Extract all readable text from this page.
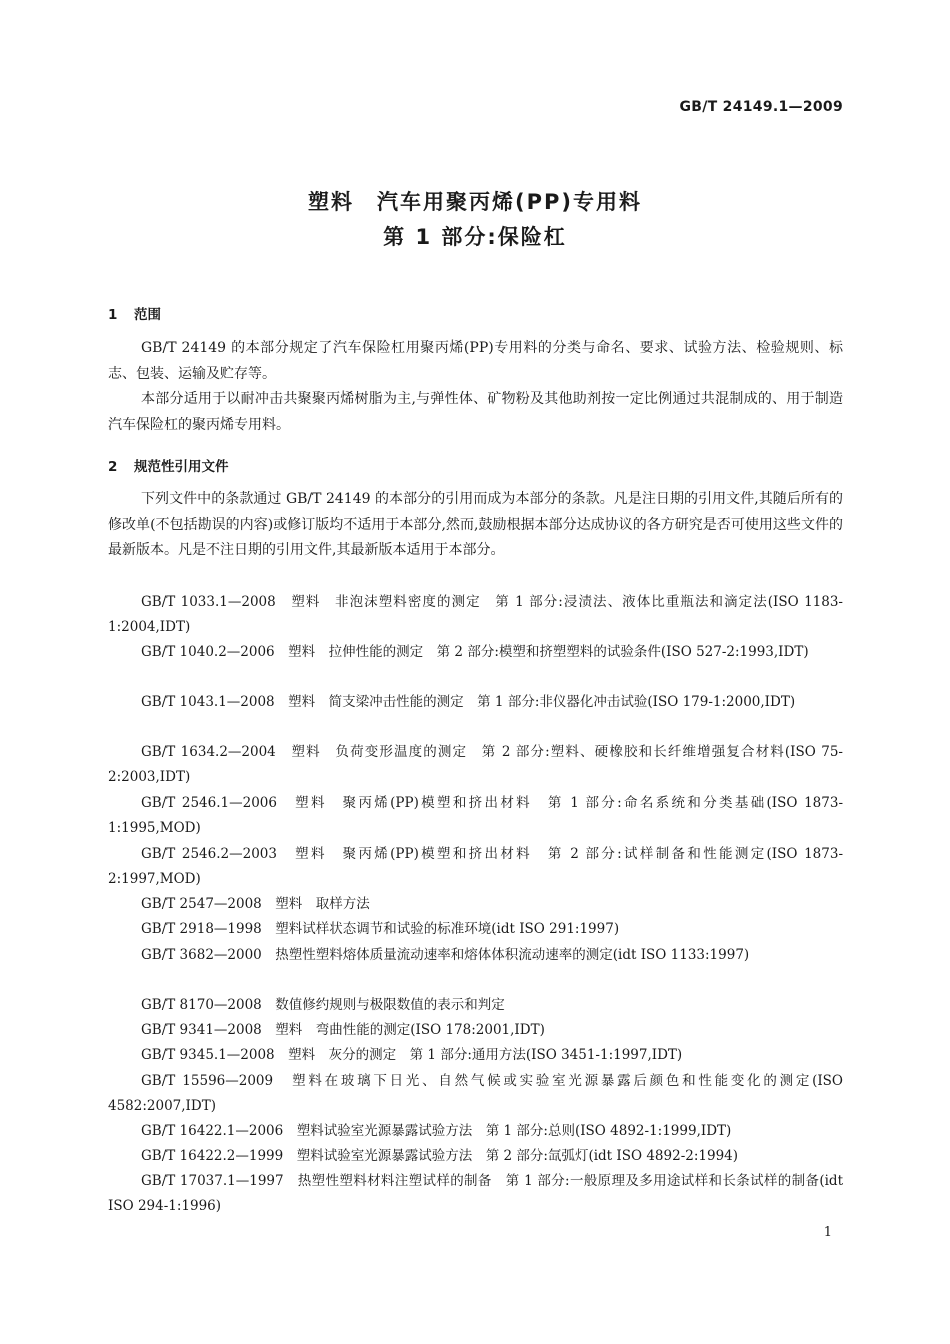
GB/T 24149.1—2009
塑料　汽车用聚丙烯(PP)专用料
第 1 部分:保险杠
1 范围
GB/T 24149 的本部分规定了汽车保险杠用聚丙烯(PP)专用料的分类与命名、要求、试验方法、检验规则、标志、包装、运输及贮存等。
本部分适用于以耐冲击共聚聚丙烯树脂为主,与弹性体、矿物粉及其他助剂按一定比例通过共混制成的、用于制造汽车保险杠的聚丙烯专用料。
2 规范性引用文件
下列文件中的条款通过 GB/T 24149 的本部分的引用而成为本部分的条款。凡是注日期的引用文件,其随后所有的修改单(不包括勘误的内容)或修订版均不适用于本部分,然而,鼓励根据本部分达成协议的各方研究是否可使用这些文件的最新版本。凡是不注日期的引用文件,其最新版本适用于本部分。
GB/T 1033.1—2008　塑料　非泡沫塑料密度的测定　第 1 部分:浸渍法、液体比重瓶法和滴定法(ISO 1183-1:2004,IDT)
GB/T 1040.2—2006　塑料　拉伸性能的测定　第 2 部分:模塑和挤塑塑料的试验条件(ISO 527-2:1993,IDT)
GB/T 1043.1—2008　塑料　简支梁冲击性能的测定　第 1 部分:非仪器化冲击试验(ISO 179-1:2000,IDT)
GB/T 1634.2—2004　塑料　负荷变形温度的测定　第 2 部分:塑料、硬橡胶和长纤维增强复合材料(ISO 75-2:2003,IDT)
GB/T 2546.1—2006　塑料　聚丙烯(PP)模塑和挤出材料　第 1 部分:命名系统和分类基础(ISO 1873-1:1995,MOD)
GB/T 2546.2—2003　塑料　聚丙烯(PP)模塑和挤出材料　第 2 部分:试样制备和性能测定(ISO 1873-2:1997,MOD)
GB/T 2547—2008　塑料　取样方法
GB/T 2918—1998　塑料试样状态调节和试验的标准环境(idt ISO 291:1997)
GB/T 3682—2000　热塑性塑料熔体质量流动速率和熔体体积流动速率的测定(idt ISO 1133:1997)
GB/T 8170—2008　数值修约规则与极限数值的表示和判定
GB/T 9341—2008　塑料　弯曲性能的测定(ISO 178:2001,IDT)
GB/T 9345.1—2008　塑料　灰分的测定　第 1 部分:通用方法(ISO 3451-1:1997,IDT)
GB/T 15596—2009　塑料在玻璃下日光、自然气候或实验室光源暴露后颜色和性能变化的测定(ISO 4582:2007,IDT)
GB/T 16422.1—2006　塑料试验室光源暴露试验方法　第 1 部分:总则(ISO 4892-1:1999,IDT)
GB/T 16422.2—1999　塑料试验室光源暴露试验方法　第 2 部分:氙弧灯(idt ISO 4892-2:1994)
GB/T 17037.1—1997　热塑性塑料材料注塑试样的制备　第 1 部分:一般原理及多用途试样和长条试样的制备(idt ISO 294-1:1996)
1
